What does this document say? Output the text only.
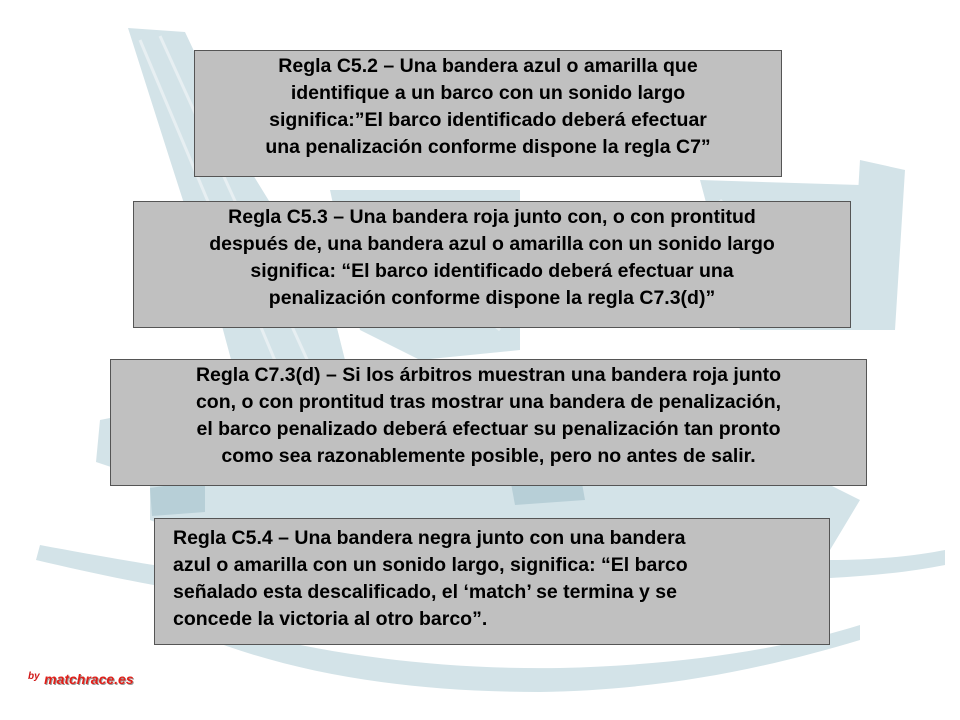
Regla C5.2 – Una bandera azul o amarilla que
identifique a un barco con un sonido largo
significa:”El barco identificado deberá efectuar
una penalización conforme dispone la regla C7”
Regla C5.3 – Una bandera roja junto con, o con prontitud
después de, una bandera azul o amarilla con un sonido largo
significa: “El barco identificado deberá efectuar una
penalización conforme dispone la regla C7.3(d)”
Regla C7.3(d) – Si los árbitros muestran una bandera roja junto
con, o con prontitud tras mostrar una bandera de penalización,
el barco penalizado deberá efectuar su penalización tan pronto
como sea razonablemente posible, pero no antes de salir.
Regla C5.4 – Una bandera negra junto con una bandera
azul o amarilla con un sonido largo, significa: “El barco
señalado esta descalificado, el ‘match’ se termina y se
concede la victoria al otro barco”.
$^{by}$ matchrace.es
